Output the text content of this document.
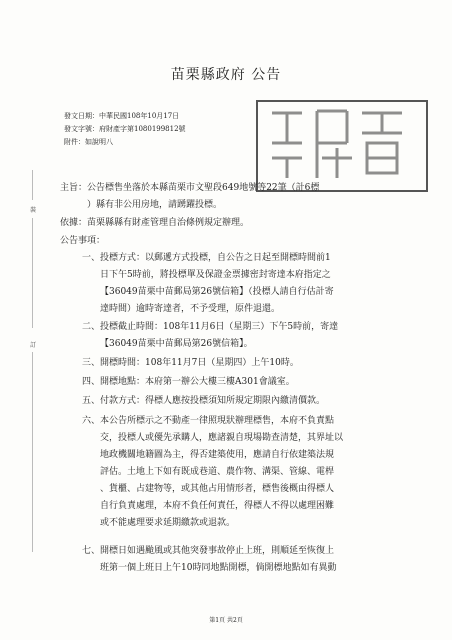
苗栗縣政府 公告
發文日期：中華民國108年10月17日
發文字號：府財產字第1080199812號
附件：如說明八
裝
訂
主旨：公告標售坐落於本縣苗栗市文聖段649地號等22筆（計6標
）縣有非公用房地，請踴躍投標。
依據：苗栗縣縣有財產管理自治條例規定辦理。
公告事項：
一、投標方式：以郵遞方式投標，自公告之日起至開標時間前1
日下午5時前，將投標單及保證金票據密封寄達本府指定之
【36049苗栗中苗郵局第26號信箱】（投標人請自行估計寄
達時間）逾時寄達者，不予受理，原件退還。
二、投標截止時間：108年11月6日（星期三）下午5時前，寄達
【36049苗栗中苗郵局第26號信箱】。
三、開標時間：108年11月7日（星期四）上午10時。
四、開標地點：本府第一辦公大樓三樓A301會議室。
五、付款方式：得標人應按投標須知所規定期限內繳清價款。
六、本公告所標示之不動產一律照現狀辦理標售，本府不負責點
交，投標人或優先承購人，應諸親自現場勘查清楚，其界址以
地政機關地籍圖為主，得否建築使用，應請自行依建築法規
評估。土地上下如有既成巷道、農作物、溝渠、管線、電桿
、貨櫃、占建物等，或其他占用情形者，標售後概由得標人
自行負責處理，本府不負任何責任，得標人不得以處理困難
或不能處理要求延期繳款或退款。
七、開標日如遇颱風或其他突發事故停止上班，則順延至恢復上
班第一個上班日上午10時同地點開標，倘開標地點如有異動
第1頁 共2頁
